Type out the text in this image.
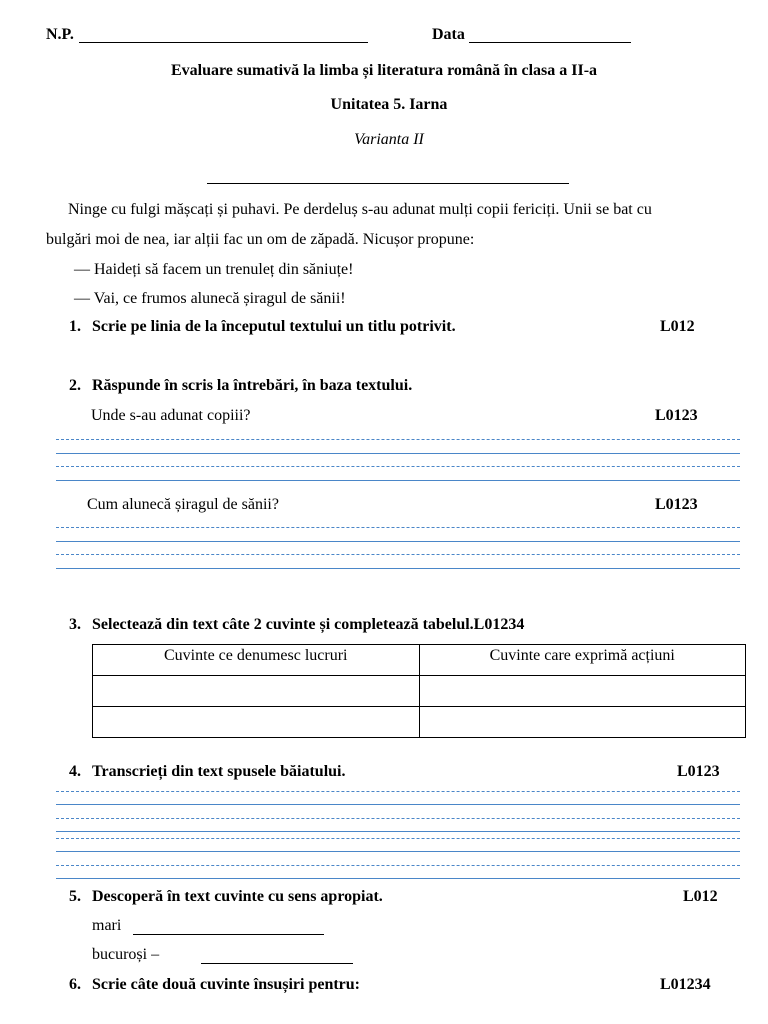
N.P.	Data
Evaluare sumativă la limba și literatura română în clasa a II-a
Unitatea 5. Iarna
Varianta II
Ninge cu fulgi mășcați și puhavi. Pe derdeluș s-au adunat mulți copii fericiți. Unii se bat cu
bulgări moi de nea, iar alții fac un om de zăpadă. Nicușor propune:
— Haideți să facem un trenuleț din săniuțe!
— Vai, ce frumos alunecă șiragul de sănii!
1. Scrie pe linia de la începutul textului un titlu potrivit.	L012
2. Răspunde în scris la întrebări, în baza textului.
Unde s-au adunat copiii?	L0123
Cum alunecă șiragul de sănii?	L0123
3. Selectează din text câte 2 cuvinte și completează tabelul.L01234
Cuvinte ce denumesc lucruri	Cuvinte care exprimă acțiuni

4. Transcrieți din text spusele băiatului.	L0123
5. Descoperă în text cuvinte cu sens apropiat.	L012
mari
bucuroși –
6. Scrie câte două cuvinte însușiri pentru:	L01234
